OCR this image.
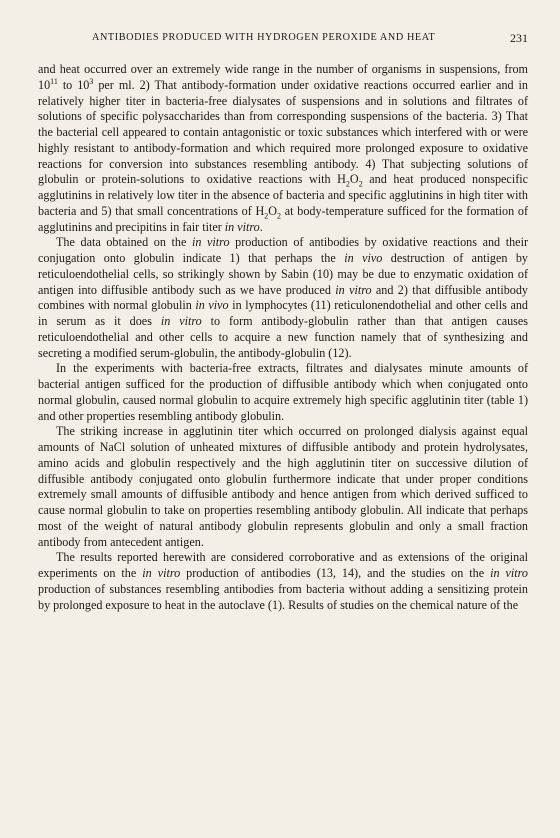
ANTIBODIES PRODUCED WITH HYDROGEN PEROXIDE AND HEAT	231

and heat occurred over an extremely wide range in the number of organisms in suspensions, from $10^{11}$ to $10^3$ per ml. 2) That antibody-formation under oxidative reactions occurred earlier and in relatively higher titer in bacteria-free dialysates of suspensions and in solutions and filtrates of solutions of specific polysaccharides than from corresponding suspensions of the bacteria. 3) That the bacterial cell appeared to contain antagonistic or toxic substances which interfered with or were highly resistant to antibody-formation and which required more prolonged exposure to oxidative reactions for conversion into substances resembling antibody. 4) That subjecting solutions of globulin or protein-solutions to oxidative reactions with $H_2O_2$ and heat produced nonspecific agglutinins in relatively low titer in the absence of bacteria and specific agglutinins in high titer with bacteria and 5) that small concentrations of $H_2O_2$ at body-temperature sufficed for the formation of agglutinins and precipitins in fair titer in vitro.

The data obtained on the in vitro production of antibodies by oxidative reactions and their conjugation onto globulin indicate 1) that perhaps the in vivo destruction of antigen by reticuloendothelial cells, so strikingly shown by Sabin (10) may be due to enzymatic oxidation of antigen into diffusible antibody such as we have produced in vitro and 2) that diffusible antibody combines with normal globulin in vivo in lymphocytes (11) reticulonendothelial and other cells and in serum as it does in vitro to form antibody-globulin rather than that antigen causes reticuloendothelial and other cells to acquire a new function namely that of synthesizing and secreting a modified serum-globulin, the antibody-globulin (12).

In the experiments with bacteria-free extracts, filtrates and dialysates minute amounts of bacterial antigen sufficed for the production of diffusible antibody which when conjugated onto normal globulin, caused normal globulin to acquire extremely high specific agglutinin titer (table 1) and other properties resembling antibody globulin.

The striking increase in agglutinin titer which occurred on prolonged dialysis against equal amounts of NaCl solution of unheated mixtures of diffusible antibody and protein hydrolysates, amino acids and globulin respectively and the high agglutinin titer on successive dilution of diffusible antibody conjugated onto globulin furthermore indicate that under proper conditions extremely small amounts of diffusible antibody and hence antigen from which derived sufficed to cause normal globulin to take on properties resembling antibody globulin. All indicate that perhaps most of the weight of natural antibody globulin represents globulin and only a small fraction antibody from antecedent antigen.

The results reported herewith are considered corroborative and as extensions of the original experiments on the in vitro production of antibodies (13, 14), and the studies on the in vitro production of substances resembling antibodies from bacteria without adding a sensitizing protein by prolonged exposure to heat in the autoclave (1). Results of studies on the chemical nature of the
